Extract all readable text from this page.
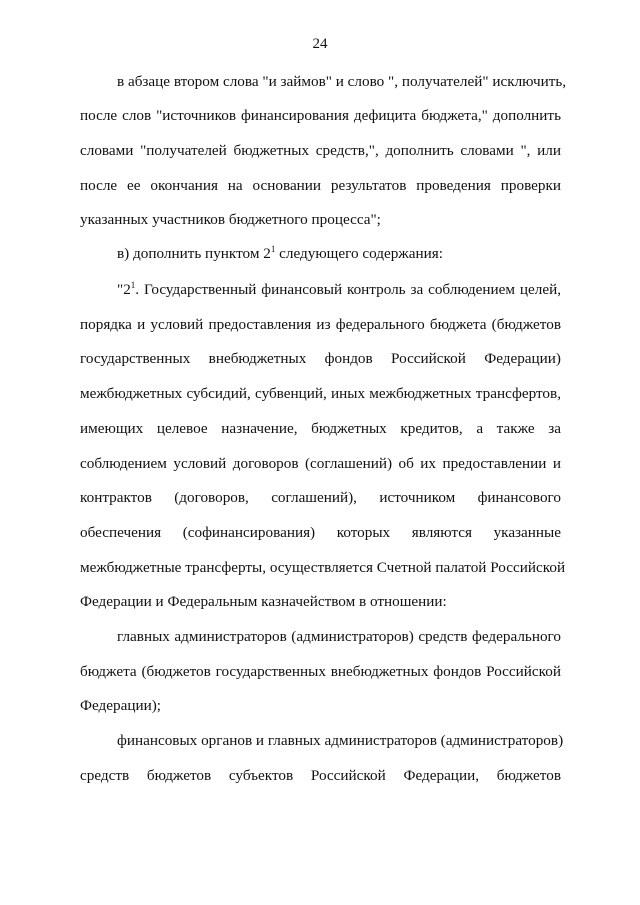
24
в абзаце втором слова "и займов" и слово ", получателей" исключить,
после слов "источников финансирования дефицита бюджета," дополнить
словами "получателей бюджетных средств,", дополнить словами ", или
после ее окончания на основании результатов проведения проверки
указанных участников бюджетного процесса";
в) дополнить пунктом $2^1$ следующего содержания:
"$2^1$. Государственный финансовый контроль за соблюдением целей,
порядка и условий предоставления из федерального бюджета (бюджетов
государственных внебюджетных фондов Российской Федерации)
межбюджетных субсидий, субвенций, иных межбюджетных трансфертов,
имеющих целевое назначение, бюджетных кредитов, а также за
соблюдением условий договоров (соглашений) об их предоставлении и
контрактов (договоров, соглашений), источником финансового
обеспечения (софинансирования) которых являются указанные
межбюджетные трансферты, осуществляется Счетной палатой Российской
Федерации и Федеральным казначейством в отношении:
главных администраторов (администраторов) средств федерального
бюджета (бюджетов государственных внебюджетных фондов Российской
Федерации);
финансовых органов и главных администраторов (администраторов)
средств бюджетов субъектов Российской Федерации, бюджетов
